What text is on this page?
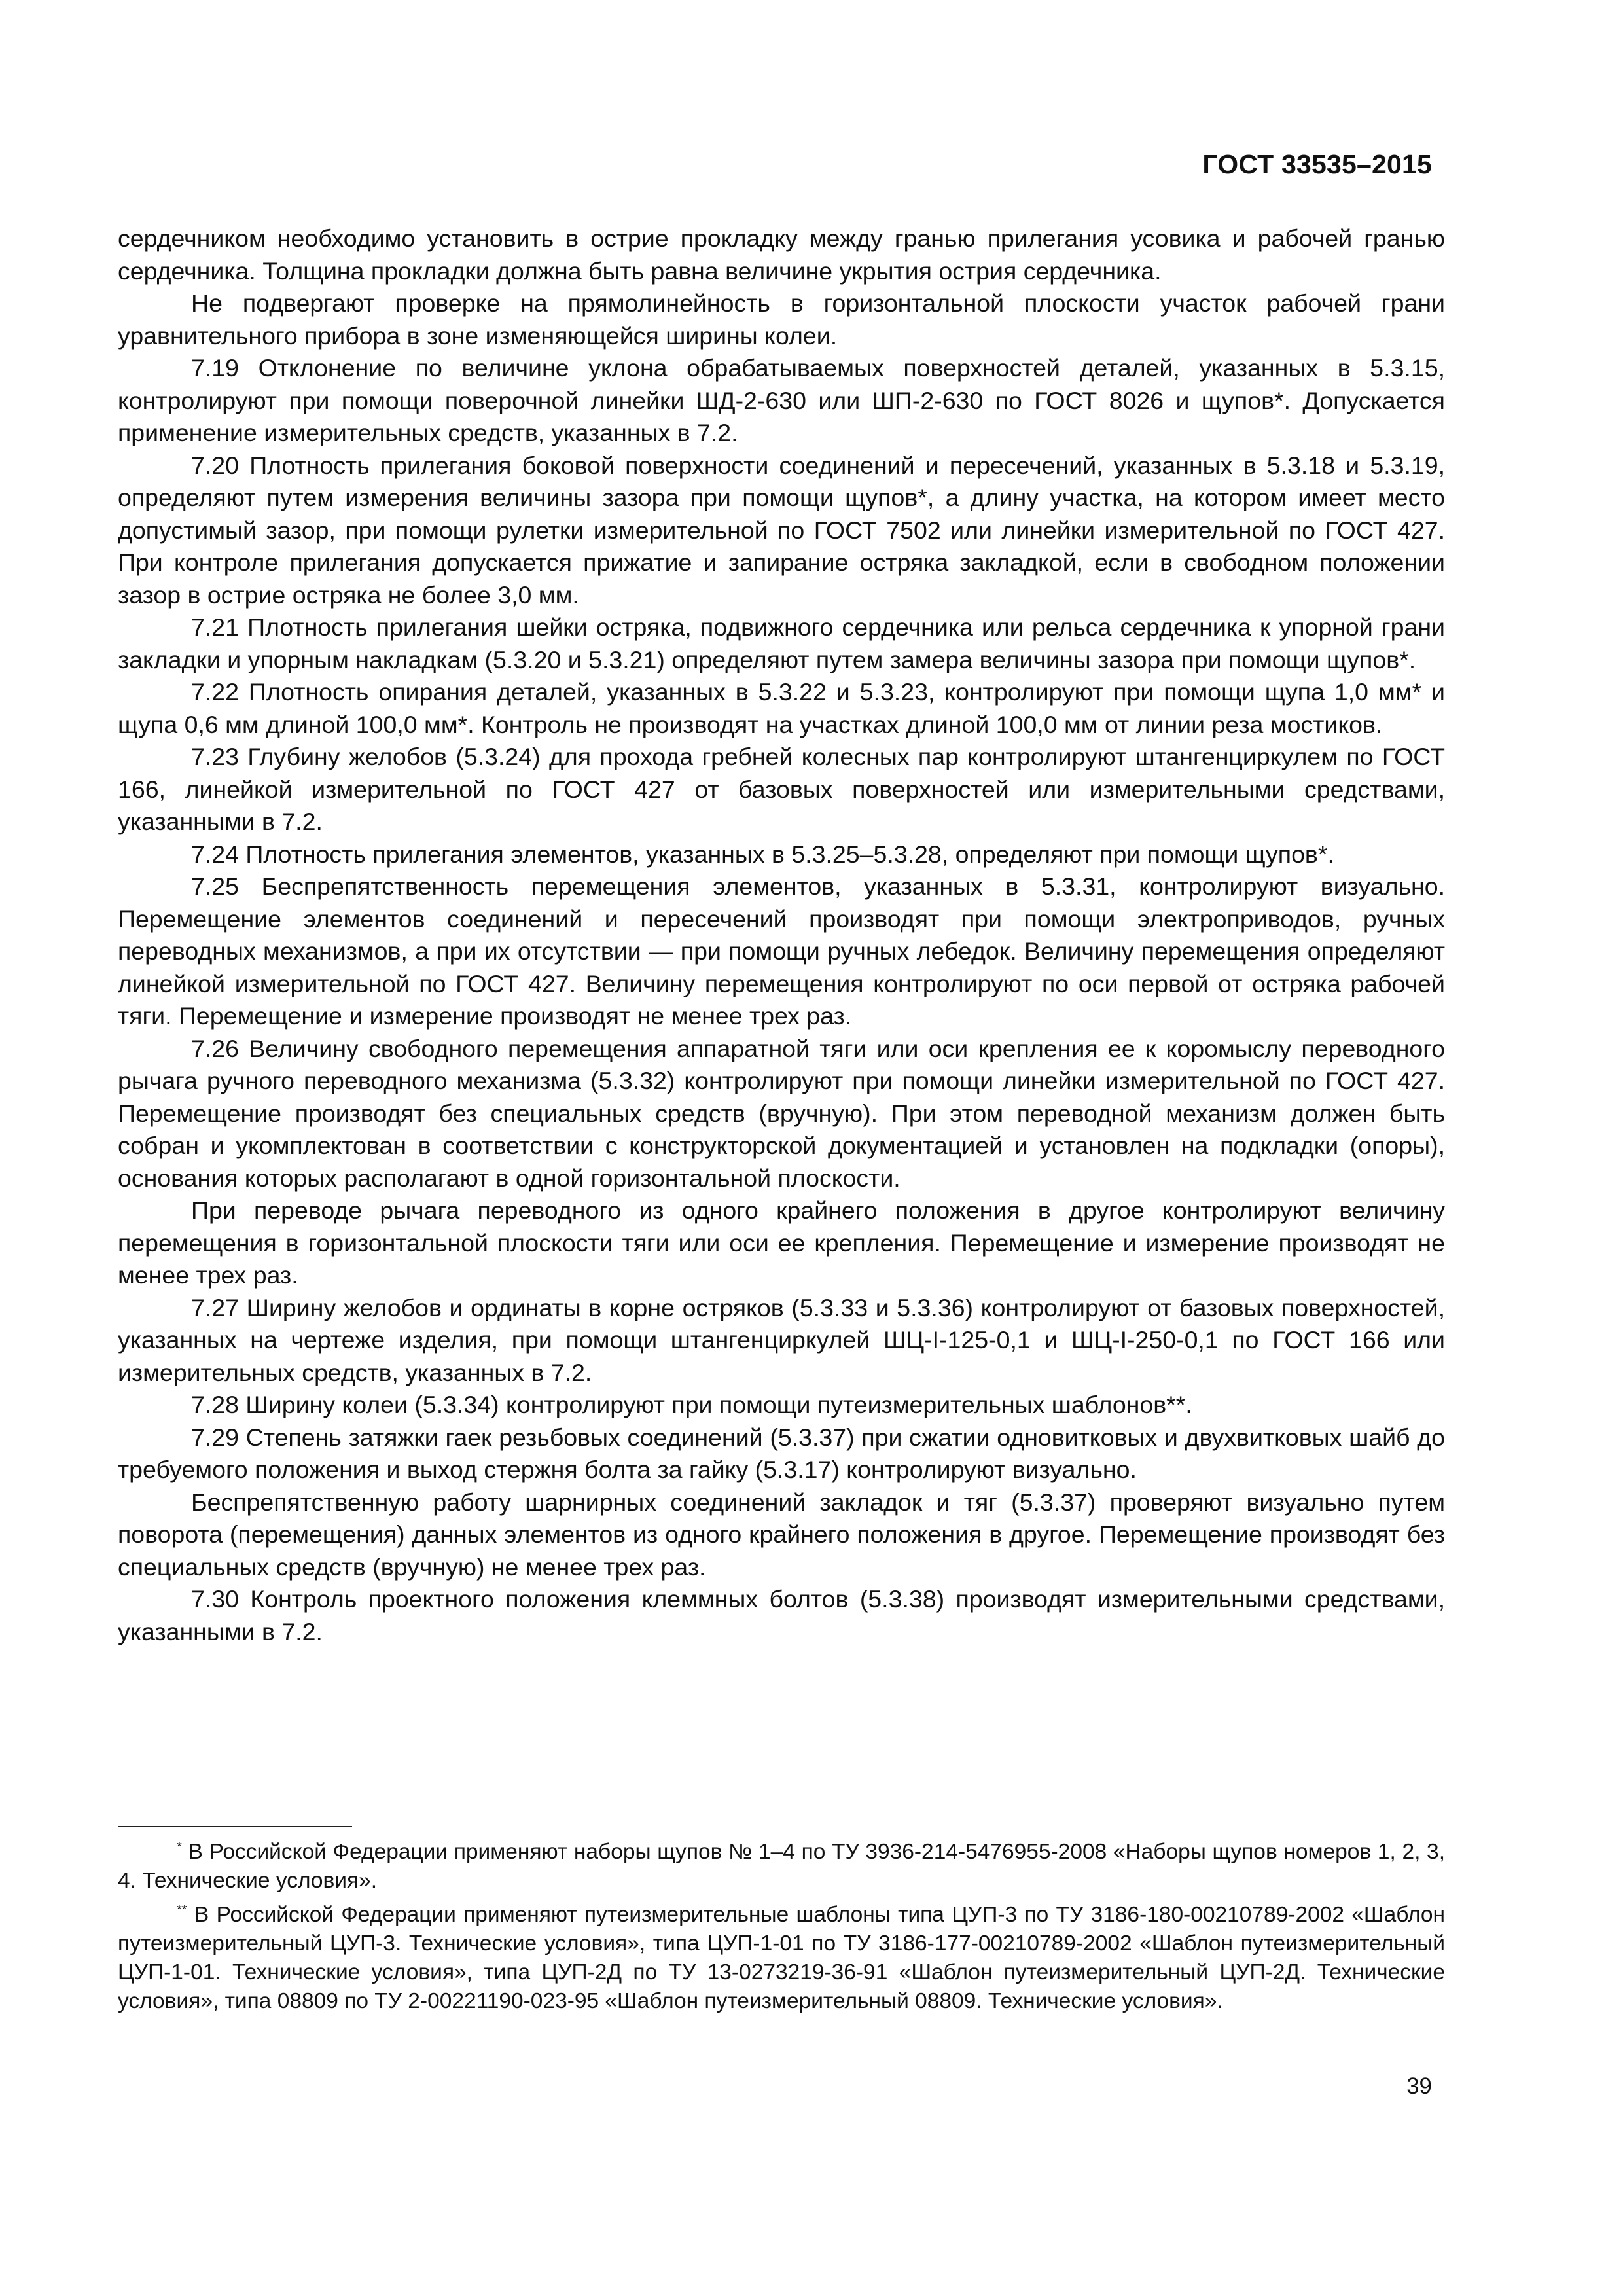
ГОСТ 33535–2015

сердечником необходимо установить в острие прокладку между гранью прилегания усовика и рабочей гранью сердечника. Толщина прокладки должна быть равна величине укрытия острия сердечника.

Не подвергают проверке на прямолинейность в горизонтальной плоскости участок рабочей грани уравнительного прибора в зоне изменяющейся ширины колеи.

7.19 Отклонение по величине уклона обрабатываемых поверхностей деталей, указанных в 5.3.15, контролируют при помощи поверочной линейки ШД-2-630 или ШП-2-630 по ГОСТ 8026 и щупов*. Допускается применение измерительных средств, указанных в 7.2.

7.20 Плотность прилегания боковой поверхности соединений и пересечений, указанных в 5.3.18 и 5.3.19, определяют путем измерения величины зазора при помощи щупов*, а длину участка, на котором имеет место допустимый зазор, при помощи рулетки измерительной по ГОСТ 7502 или линейки измерительной по ГОСТ 427. При контроле прилегания допускается прижатие и запирание остряка закладкой, если в свободном положении зазор в острие остряка не более 3,0 мм.

7.21 Плотность прилегания шейки остряка, подвижного сердечника или рельса сердечника к упорной грани закладки и упорным накладкам (5.3.20 и 5.3.21) определяют путем замера величины зазора при помощи щупов*.

7.22 Плотность опирания деталей, указанных в 5.3.22 и 5.3.23, контролируют при помощи щупа 1,0 мм* и щупа 0,6 мм длиной 100,0 мм*. Контроль не производят на участках длиной 100,0 мм от линии реза мостиков.

7.23 Глубину желобов (5.3.24) для прохода гребней колесных пар контролируют штангенциркулем по ГОСТ 166, линейкой измерительной по ГОСТ 427 от базовых поверхностей или измерительными средствами, указанными в 7.2.

7.24 Плотность прилегания элементов, указанных в 5.3.25–5.3.28, определяют при помощи щупов*.

7.25 Беспрепятственность перемещения элементов, указанных в 5.3.31, контролируют визуально. Перемещение элементов соединений и пересечений производят при помощи электроприводов, ручных переводных механизмов, а при их отсутствии — при помощи ручных лебедок. Величину перемещения определяют линейкой измерительной по ГОСТ 427. Величину перемещения контролируют по оси первой от остряка рабочей тяги. Перемещение и измерение производят не менее трех раз.

7.26 Величину свободного перемещения аппаратной тяги или оси крепления ее к коромыслу переводного рычага ручного переводного механизма (5.3.32) контролируют при помощи линейки измерительной по ГОСТ 427. Перемещение производят без специальных средств (вручную). При этом переводной механизм должен быть собран и укомплектован в соответствии с конструкторской документацией и установлен на подкладки (опоры), основания которых располагают в одной горизонтальной плоскости.

При переводе рычага переводного из одного крайнего положения в другое контролируют величину перемещения в горизонтальной плоскости тяги или оси ее крепления. Перемещение и измерение производят не менее трех раз.

7.27 Ширину желобов и ординаты в корне остряков (5.3.33 и 5.3.36) контролируют от базовых поверхностей, указанных на чертеже изделия, при помощи штангенциркулей ШЦ-I-125-0,1 и ШЦ-I-250-0,1 по ГОСТ 166 или измерительных средств, указанных в 7.2.

7.28 Ширину колеи (5.3.34) контролируют при помощи путеизмерительных шаблонов**.

7.29 Степень затяжки гаек резьбовых соединений (5.3.37) при сжатии одновитковых и двухвитковых шайб до требуемого положения и выход стержня болта за гайку (5.3.17) контролируют визуально.

Беспрепятственную работу шарнирных соединений закладок и тяг (5.3.37) проверяют визуально путем поворота (перемещения) данных элементов из одного крайнего положения в другое. Перемещение производят без специальных средств (вручную) не менее трех раз.

7.30 Контроль проектного положения клеммных болтов (5.3.38) производят измерительными средствами, указанными в 7.2.

* В Российской Федерации применяют наборы щупов № 1–4 по ТУ 3936-214-5476955-2008 «Наборы щупов номеров 1, 2, 3, 4. Технические условия».

** В Российской Федерации применяют путеизмерительные шаблоны типа ЦУП-3 по ТУ 3186-180-00210789-2002 «Шаблон путеизмерительный ЦУП-3. Технические условия», типа ЦУП-1-01 по ТУ 3186-177-00210789-2002 «Шаблон путеизмерительный ЦУП-1-01. Технические условия», типа ЦУП-2Д по ТУ 13-0273219-36-91 «Шаблон путеизмерительный ЦУП-2Д. Технические условия», типа 08809 по ТУ 2-00221190-023-95 «Шаблон путеизмерительный 08809. Технические условия».

39
